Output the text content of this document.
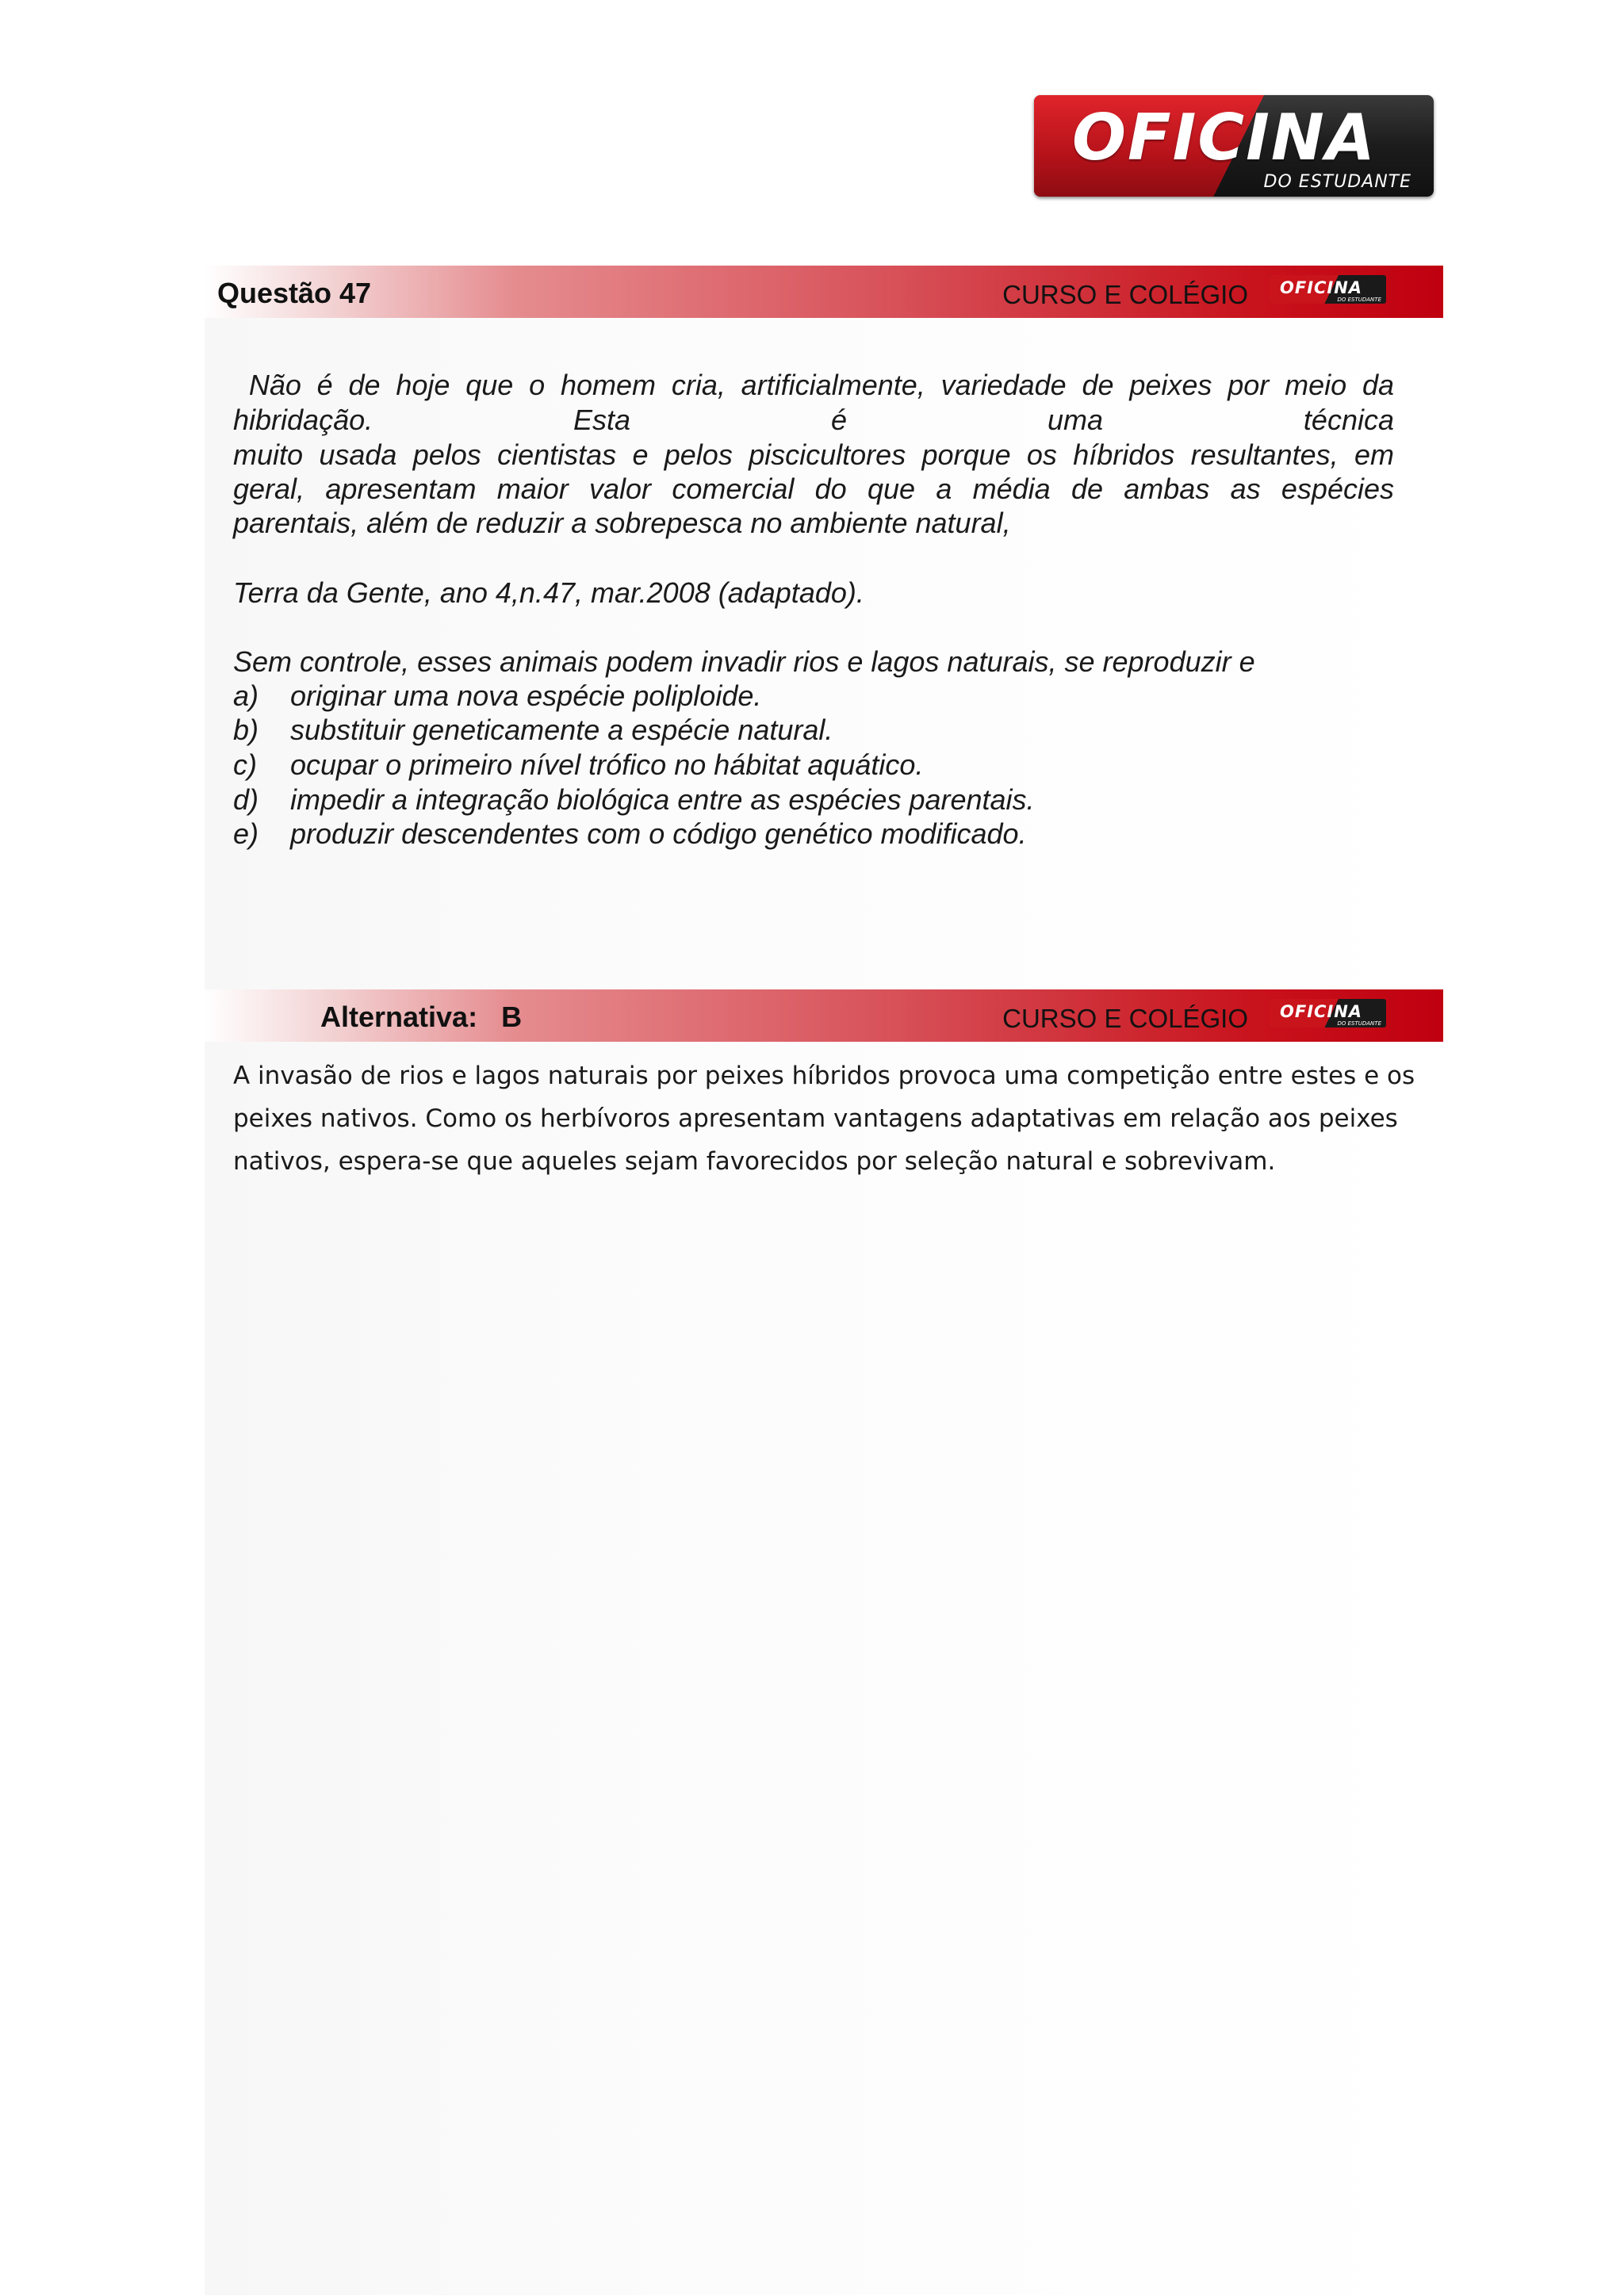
OFICINA
DO ESTUDANTE
Questão 47	CURSO E COLÉGIO OFICINA
DO ESTUDANTE
Não é de hoje que o homem cria, artificialmente, variedade de peixes por meio da
hibridação.	Esta	é	uma	técnica
muito usada pelos cientistas e pelos piscicultores porque os híbridos resultantes, em
geral, apresentam maior valor comercial do que a média de ambas as espécies
parentais, além de reduzir a sobrepesca no ambiente natural,
Terra da Gente, ano 4,n.47, mar.2008 (adaptado).
Sem controle, esses animais podem invadir rios e lagos naturais, se reproduzir e
a) originar uma nova espécie poliploide.
b) substituir geneticamente a espécie natural.
c) ocupar o primeiro nível trófico no hábitat aquático.
d) impedir a integração biológica entre as espécies parentais.
e) produzir descendentes com o código genético modificado.
Alternativa: B	CURSO E COLÉGIO OFICINA
DO ESTUDANTE
A invasão de rios e lagos naturais por peixes híbridos provoca uma competição entre estes e os
peixes nativos. Como os herbívoros apresentam vantagens adaptativas em relação aos peixes
nativos, espera-se que aqueles sejam favorecidos por seleção natural e sobrevivam.
